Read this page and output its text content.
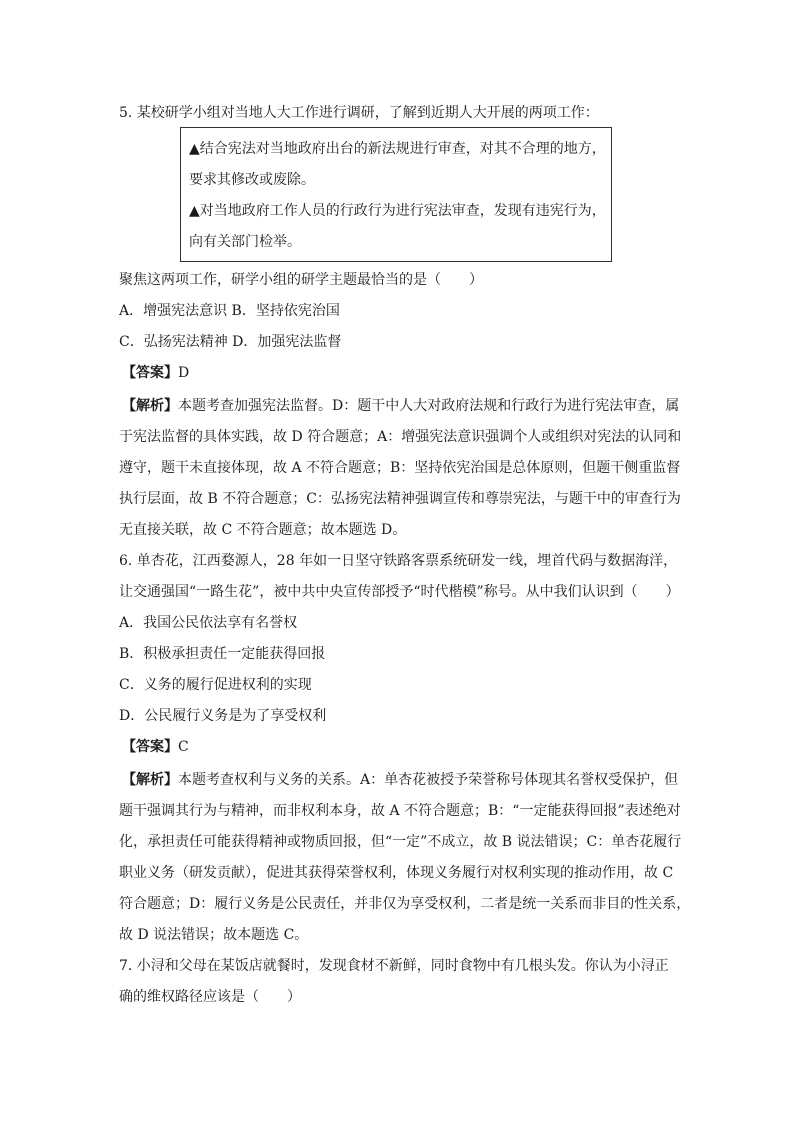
5. 某校研学小组对当地人大工作进行调研，了解到近期人大开展的两项工作：
▲结合宪法对当地政府出台的新法规进行审查，对其不合理的地方，
要求其修改或废除。
▲对当地政府工作人员的行政行为进行宪法审查，发现有违宪行为，
向有关部门检举。
聚焦这两项工作，研学小组的研学主题最恰当的是（　　）
A．增强宪法意识 B．坚持依宪治国
C．弘扬宪法精神 D．加强宪法监督
【答案】D
【解析】本题考查加强宪法监督。D：题干中人大对政府法规和行政行为进行宪法审查，属
于宪法监督的具体实践，故 D 符合题意；A：增强宪法意识强调个人或组织对宪法的认同和
遵守，题干未直接体现，故 A 不符合题意；B：坚持依宪治国是总体原则，但题干侧重监督
执行层面，故 B 不符合题意；C：弘扬宪法精神强调宣传和尊崇宪法，与题干中的审查行为
无直接关联，故 C 不符合题意；故本题选 D。
6. 单杏花，江西婺源人，28 年如一日坚守铁路客票系统研发一线，埋首代码与数据海洋，
让交通强国“一路生花”，被中共中央宣传部授予“时代楷模”称号。从中我们认识到（　　）
A．我国公民依法享有名誉权
B．积极承担责任一定能获得回报
C．义务的履行促进权利的实现
D．公民履行义务是为了享受权利
【答案】C
【解析】本题考查权利与义务的关系。A：单杏花被授予荣誉称号体现其名誉权受保护，但
题干强调其行为与精神，而非权利本身，故 A 不符合题意；B：“一定能获得回报”表述绝对
化，承担责任可能获得精神或物质回报，但“一定”不成立，故 B 说法错误；C：单杏花履行
职业义务（研发贡献），促进其获得荣誉权利，体现义务履行对权利实现的推动作用，故 C
符合题意；D：履行义务是公民责任，并非仅为享受权利，二者是统一关系而非目的性关系，
故 D 说法错误；故本题选 C。
7. 小浔和父母在某饭店就餐时，发现食材不新鲜，同时食物中有几根头发。你认为小浔正
确的维权路径应该是（　　）
